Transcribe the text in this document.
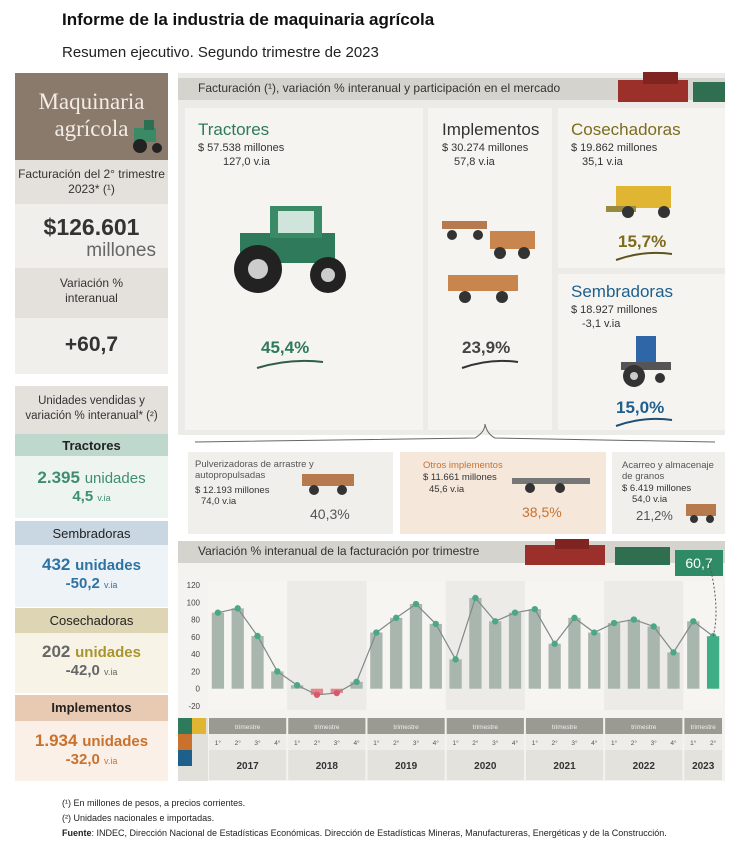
Informe de la industria de maquinaria agrícola
Resumen ejecutivo. Segundo trimestre de 2023
Maquinaria
agrícola
Facturación del 2° trimestre 2023* (¹)
$126.601
millones
Variación % interanual
+60,7
Unidades vendidas y variación % interanual* (²)
Tractores
2.395 unidades
4,5 v.ia
Sembradoras
432 unidades
-50,2 v.ia
Cosechadoras
202 unidades
-42,0 v.ia
Implementos
1.934 unidades
-32,0 v.ia
Facturación (¹), variación % interanual y participación en el mercado
Tractores
$ 57.538 millones
127,0 v.ia
45,4%
Implementos
$ 30.274 millones
57,8 v.ia
23,9%
Cosechadoras
$ 19.862 millones
35,1 v.ia
15,7%
Sembradoras
$ 18.927 millones
-3,1 v.ia
15,0%
Pulverizadoras de arrastre y autopropulsadas
$ 12.193 millones
74,0 v.ia
40,3%
Otros implementos
$ 11.661 millones
45,6 v.ia
38,5%
Acarreo y almacenaje de granos
$ 6.419 millones
54,0 v.ia
21,2%
Variación % interanual de la facturación por trimestre
60,7
120
100
80
60
40
20
0
-20
trimestre
1° 2° 3° 4°
2017
trimestre
1° 2° 3° 4°
2018
trimestre
1° 2° 3° 4°
2019
trimestre
1° 2° 3° 4°
2020
trimestre
1° 2° 3° 4°
2021
trimestre
1° 2° 3° 4°
2022
trimestre
1° 2°
2023
(¹) En millones de pesos, a precios corrientes.
(²) Unidades nacionales e importadas.
Fuente: INDEC, Dirección Nacional de Estadísticas Económicas. Dirección de Estadísticas Mineras, Manufactureras, Energéticas y de la Construcción.
